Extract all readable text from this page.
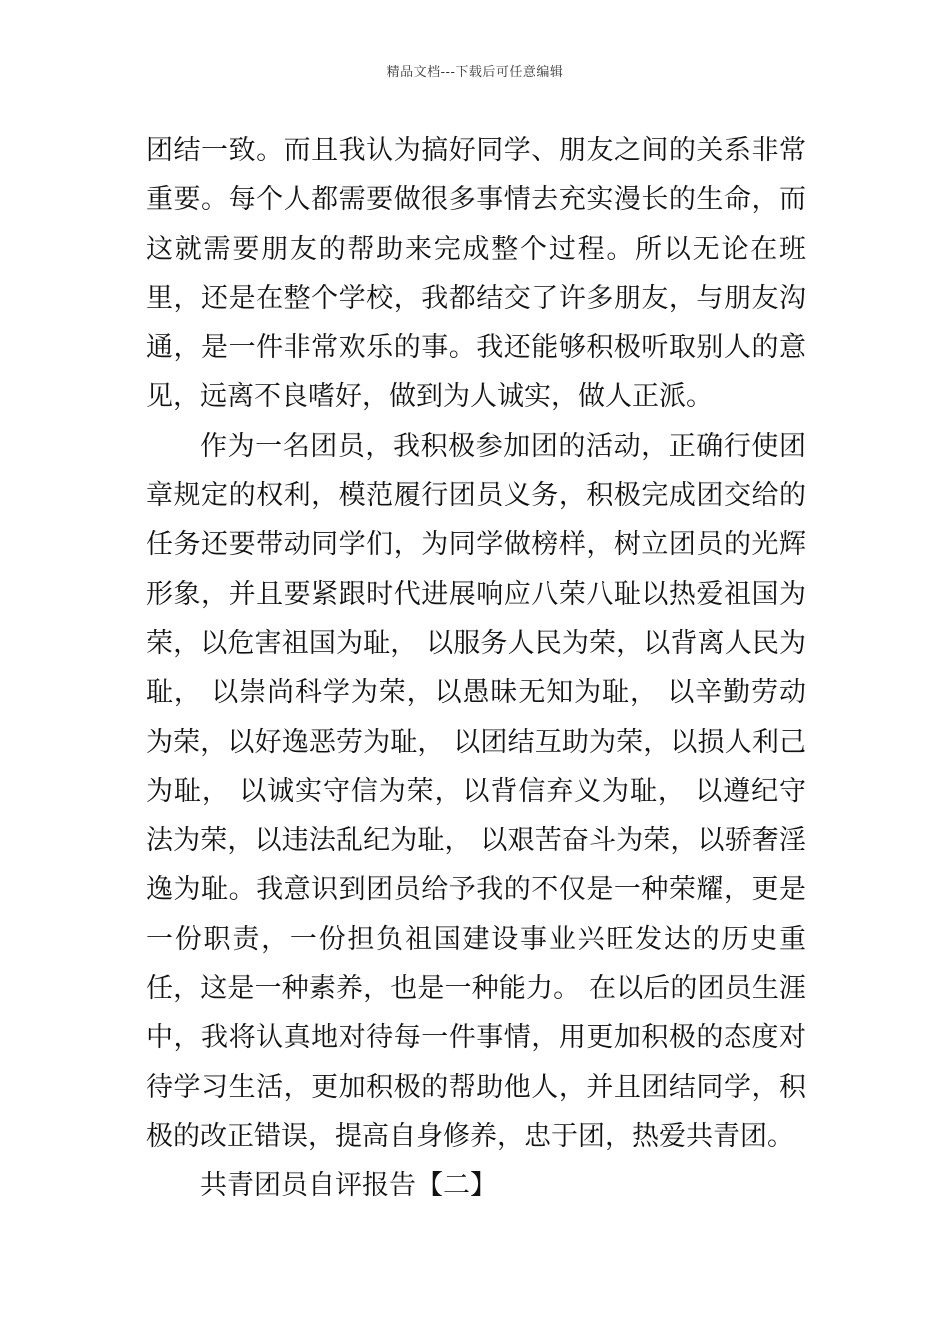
精品文档---下载后可任意编辑

团结一致。而且我认为搞好同学、朋友之间的关系非常重要。每个人都需要做很多事情去充实漫长的生命，而这就需要朋友的帮助来完成整个过程。所以无论在班里，还是在整个学校，我都结交了许多朋友，与朋友沟通，是一件非常欢乐的事。我还能够积极听取别人的意见，远离不良嗜好，做到为人诚实，做人正派。

作为一名团员，我积极参加团的活动，正确行使团章规定的权利，模范履行团员义务，积极完成团交给的任务还要带动同学们，为同学做榜样，树立团员的光辉形象，并且要紧跟时代进展响应八荣八耻以热爱祖国为荣，以危害祖国为耻， 以服务人民为荣，以背离人民为耻， 以崇尚科学为荣，以愚昧无知为耻， 以辛勤劳动为荣，以好逸恶劳为耻， 以团结互助为荣，以损人利己为耻， 以诚实守信为荣，以背信弃义为耻， 以遵纪守法为荣，以违法乱纪为耻， 以艰苦奋斗为荣，以骄奢淫逸为耻。我意识到团员给予我的不仅是一种荣耀，更是一份职责，一份担负祖国建设事业兴旺发达的历史重任，这是一种素养，也是一种能力。 在以后的团员生涯中，我将认真地对待每一件事情，用更加积极的态度对待学习生活，更加积极的帮助他人，并且团结同学，积极的改正错误，提高自身修养，忠于团，热爱共青团。

共青团员自评报告【二】
